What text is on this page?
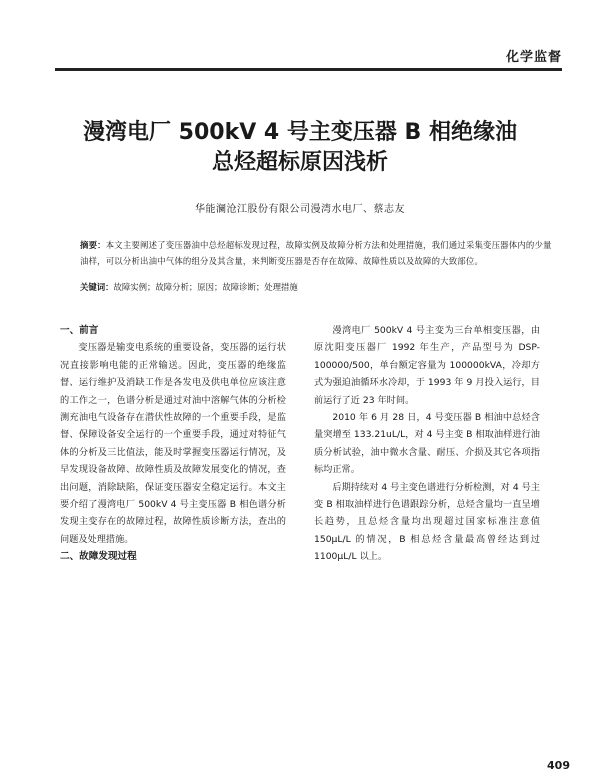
化学监督
漫湾电厂 500kV 4 号主变压器 B 相绝缘油
总烃超标原因浅析
华能澜沧江股份有限公司漫湾水电厂、蔡志友
摘要：本文主要阐述了变压器油中总烃超标发现过程，故障实例及故障分析方法和处理措施，我们通过采集变压器体内的少量油样，可以分析出油中气体的组分及其含量，来判断变压器是否存在故障、故障性质以及故障的大致部位。
关键词：故障实例；故障分析；原因；故障诊断；处理措施
一、前言

变压器是输变电系统的重要设备，变压器的运行状况直接影响电能的正常输送。因此，变压器的绝缘监督、运行维护及消缺工作是各发电及供电单位应该注意的工作之一，色谱分析是通过对油中溶解气体的分析检测充油电气设备存在潜伏性故障的一个重要手段，是监督、保障设备安全运行的一个重要手段，通过对特征气体的分析及三比值法，能及时掌握变压器运行情况，及早发现设备故障、故障性质及故障发展变化的情况，查出问题，消除缺陷，保证变压器安全稳定运行。本文主要介绍了漫湾电厂 500kV 4 号主变压器 B 相色谱分析发现主变存在的故障过程，故障性质诊断方法，查出的问题及处理措施。

二、故障发现过程

漫湾电厂 500kV 4 号主变为三台单相变压器，由原沈阳变压器厂 1992 年生产，产品型号为 DSP-100000/500，单台额定容量为 100000kVA，冷却方式为强迫油循环水冷却，于 1993 年 9 月投入运行，目前运行了近 23 年时间。

2010 年 6 月 28 日，4 号变压器 B 相油中总烃含量突增至 133.21uL/L，对 4 号主变 B 相取油样进行油质分析试验，油中微水含量、耐压、介损及其它各项指标均正常。

后期持续对 4 号主变色谱进行分析检测，对 4 号主变 B 相取油样进行色谱跟踪分析，总烃含量均一直呈增长趋势，且总烃含量均出现超过国家标准注意值 150μL/L 的情况，B 相总烃含量最高曾经达到过 1100μL/L 以上。

409
